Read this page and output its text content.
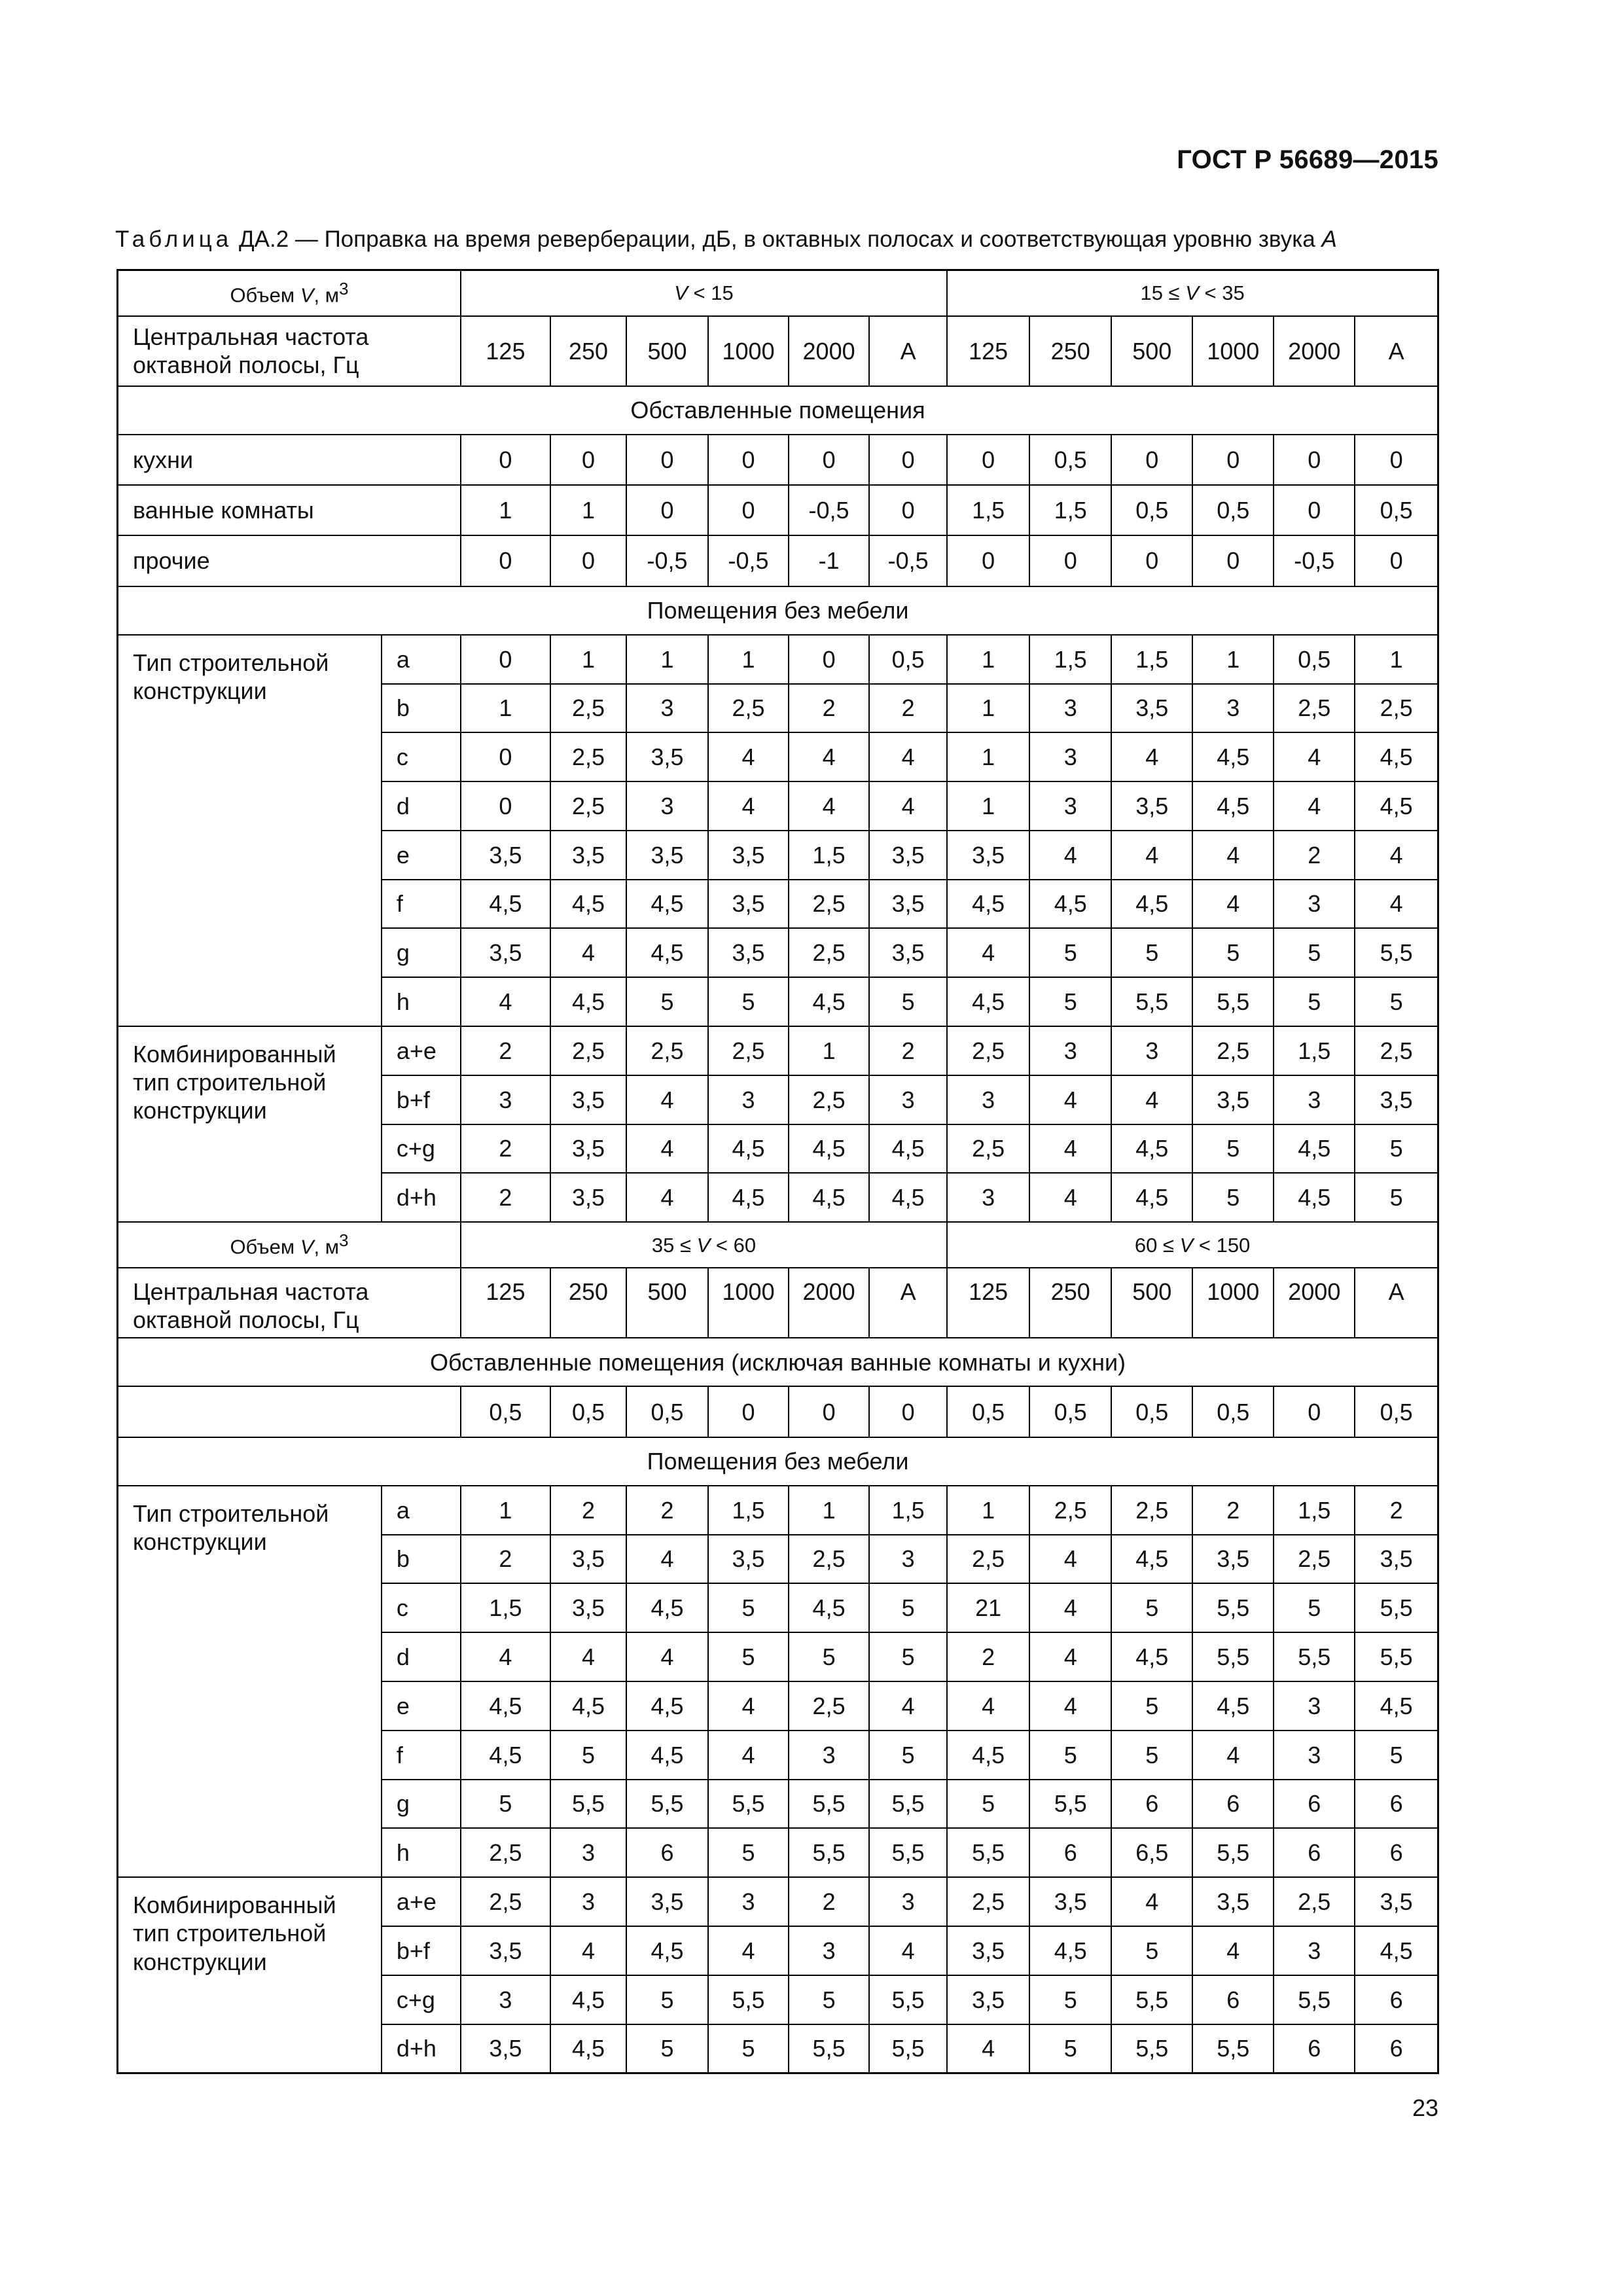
ГОСТ Р 56689—2015
Таблица ДА.2 — Поправка на время реверберации, дБ, в октавных полосах и соответствующая уровню звука A
Объем V, $м^3$		V < 15						15 ≤ V < 35					
Центральная частота
октавной полосы, Гц		125	250	500	1000	2000	A	125	250	500	1000	2000	A
Обставленные помещения													
кухни		0	0	0	0	0	0	0	0,5	0	0	0	0
ванные комнаты		1	1	0	0	-0,5	0	1,5	1,5	0,5	0,5	0	0,5
прочие		0	0	-0,5	-0,5	-1	-0,5	0	0	0	0	-0,5	0
Помещения без мебели													
Тип строительной
конструкции	a	0	1	1	1	0	0,5	1	1,5	1,5	1	0,5	1
	b	1	2,5	3	2,5	2	2	1	3	3,5	3	2,5	2,5
	c	0	2,5	3,5	4	4	4	1	3	4	4,5	4	4,5
	d	0	2,5	3	4	4	4	1	3	3,5	4,5	4	4,5
	e	3,5	3,5	3,5	3,5	1,5	3,5	3,5	4	4	4	2	4
	f	4,5	4,5	4,5	3,5	2,5	3,5	4,5	4,5	4,5	4	3	4
	g	3,5	4	4,5	3,5	2,5	3,5	4	5	5	5	5	5,5
	h	4	4,5	5	5	4,5	5	4,5	5	5,5	5,5	5	5
Комбинированный
тип строительной
конструкции	a+e	2	2,5	2,5	2,5	1	2	2,5	3	3	2,5	1,5	2,5
	b+f	3	3,5	4	3	2,5	3	3	4	4	3,5	3	3,5
	c+g	2	3,5	4	4,5	4,5	4,5	2,5	4	4,5	5	4,5	5
	d+h	2	3,5	4	4,5	4,5	4,5	3	4	4,5	5	4,5	5
Объем V, $м^3$		35 ≤ V < 60						60 ≤ V < 150					
Центральная частота
октавной полосы, Гц		125	250	500	1000	2000	A	125	250	500	1000	2000	A
Обставленные помещения (исключая ванные комнаты и кухни)													
		0,5	0,5	0,5	0	0	0	0,5	0,5	0,5	0,5	0	0,5
Помещения без мебели													
Тип строительной
конструкции	a	1	2	2	1,5	1	1,5	1	2,5	2,5	2	1,5	2
	b	2	3,5	4	3,5	2,5	3	2,5	4	4,5	3,5	2,5	3,5
	c	1,5	3,5	4,5	5	4,5	5	21	4	5	5,5	5	5,5
	d	4	4	4	5	5	5	2	4	4,5	5,5	5,5	5,5
	e	4,5	4,5	4,5	4	2,5	4	4	4	5	4,5	3	4,5
	f	4,5	5	4,5	4	3	5	4,5	5	5	4	3	5
	g	5	5,5	5,5	5,5	5,5	5,5	5	5,5	6	6	6	6
	h	2,5	3	6	5	5,5	5,5	5,5	6	6,5	5,5	6	6
Комбинированный
тип строительной
конструкции	a+e	2,5	3	3,5	3	2	3	2,5	3,5	4	3,5	2,5	3,5
	b+f	3,5	4	4,5	4	3	4	3,5	4,5	5	4	3	4,5
	c+g	3	4,5	5	5,5	5	5,5	3,5	5	5,5	6	5,5	6
	d+h	3,5	4,5	5	5	5,5	5,5	4	5	5,5	5,5	6	6
23
